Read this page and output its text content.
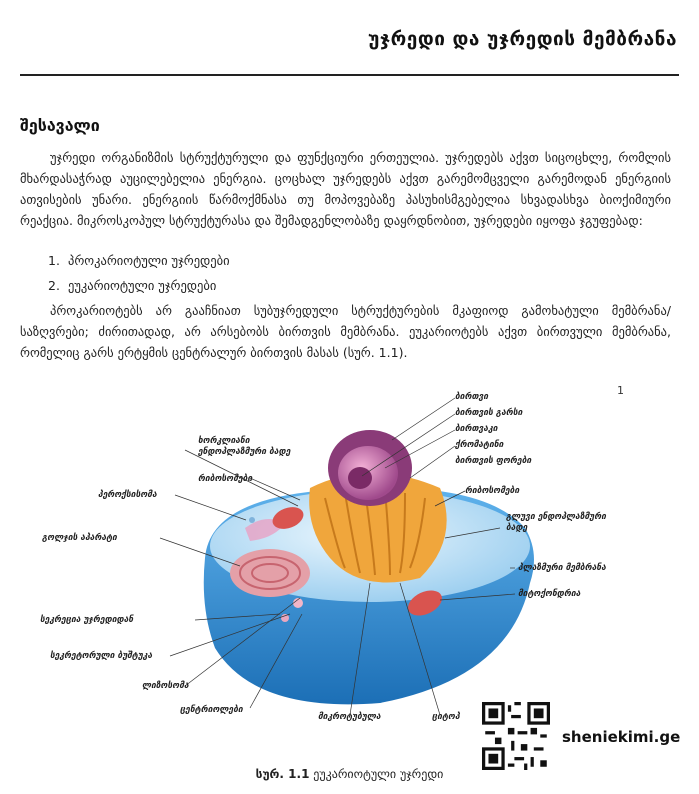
უჯრედი და უჯრედის მემბრანა
შესავალი
უჯრედი ორგანიზმის სტრუქტურული და ფუნქციური ერთეულია. უჯრედებს აქვთ სიცოცხლე, რომლის მხარდასაჭრად აუცილებელია ენერგია. ცოცხალ უჯრედებს აქვთ გარემომცველი გარემოდან ენერგიის ათვისების უნარი. ენერგიის წარმოქმნასა თუ მოპოვებაზე პასუხისმგებელია სხვადასხვა ბიოქიმიური რეაქცია. მიკროსკოპულ სტრუქტურასა და შემადგენლობაზე დაყრდნობით, უჯრედები იყოფა ჯგუფებად:
1. პროკარიოტული უჯრედები
2. ეუკარიოტული უჯრედები
პროკარიოტებს არ გააჩნიათ სუბუჯრედული სტრუქტურების მკაფიოდ გამოხატული მემბრანა/საზღვრები; ძირითადად, არ არსებობს ბირთვის მემბრანა. ეუკარიოტებს აქვთ ბირთვული მემბრანა, რომელიც გარს ერტყმის ცენტრალურ ბირთვის მასას (სურ. 1.1).
1
ბირთვი
ბირთვის გარსი
ბირთვაკი
ქრომატინი
ბირთვის ფორები
ხორკლიანი
ენდოპლაზმური ბადე
რიბოსომები
პეროქსისომა	რიბოსომები
გლუვი ენდოპლაზმური
ბადე
გოლჯის აპარატი
პლაზმური მემბრანა
მიტოქონდრია
სეკრეცია უჯრედიდან
სეკრეტორული ბუშტუკა
ლიზოსომა
ცენტრიოლები
მიკროტუბულა	ციტოპ
სურ. 1.1 ეუკარიოტული უჯრედი
sheniekimi.ge
